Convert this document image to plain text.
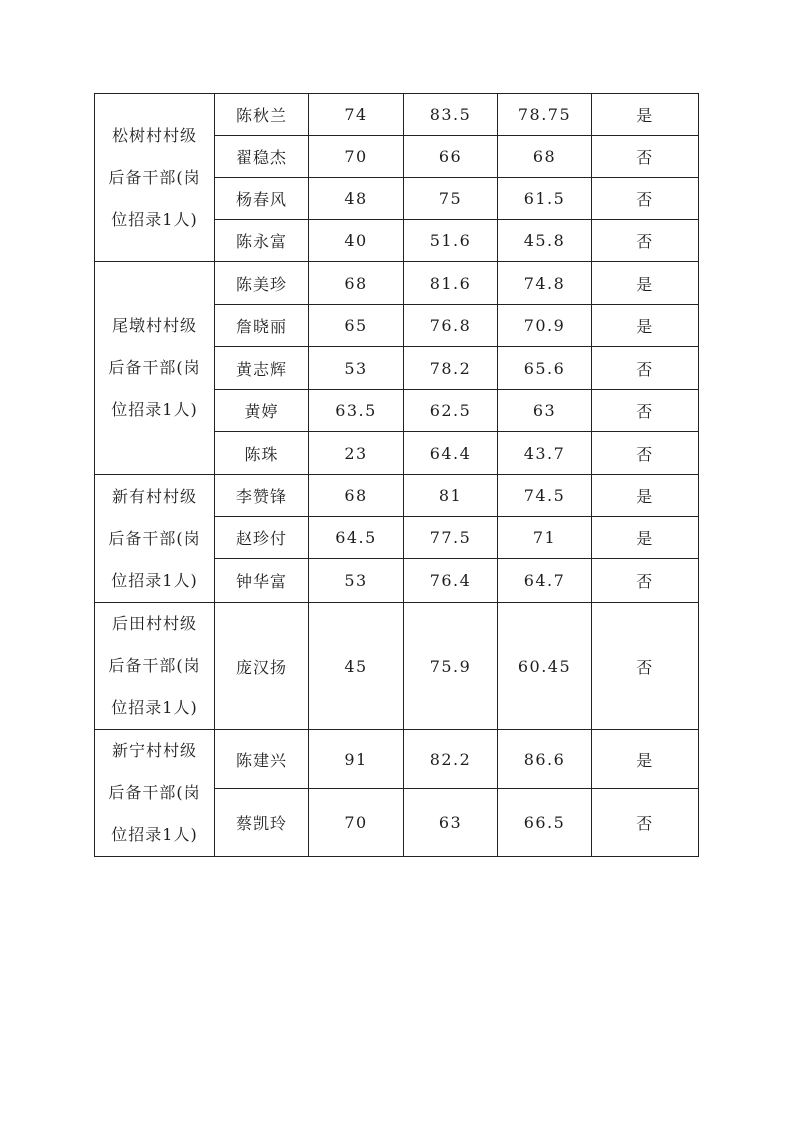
松树村村级
后备干部(岗
位招录1人)	陈秋兰	74	83.5	78.75	是
	翟稳杰	70	66	68	否
	杨春风	48	75	61.5	否
	陈永富	40	51.6	45.8	否

尾墩村村级
后备干部(岗
位招录1人)	陈美珍	68	81.6	74.8	是
	詹晓丽	65	76.8	70.9	是
	黄志辉	53	78.2	65.6	否
	黄婷	63.5	62.5	63	否
	陈珠	23	64.4	43.7	否

新有村村级
后备干部(岗
位招录1人)	李赞锋	68	81	74.5	是
	赵珍付	64.5	77.5	71	是
	钟华富	53	76.4	64.7	否

后田村村级
后备干部(岗
位招录1人)	庞汉扬	45	75.9	60.45	否

新宁村村级
后备干部(岗
位招录1人)	陈建兴	91	82.2	86.6	是
	蔡凯玲	70	63	66.5	否
